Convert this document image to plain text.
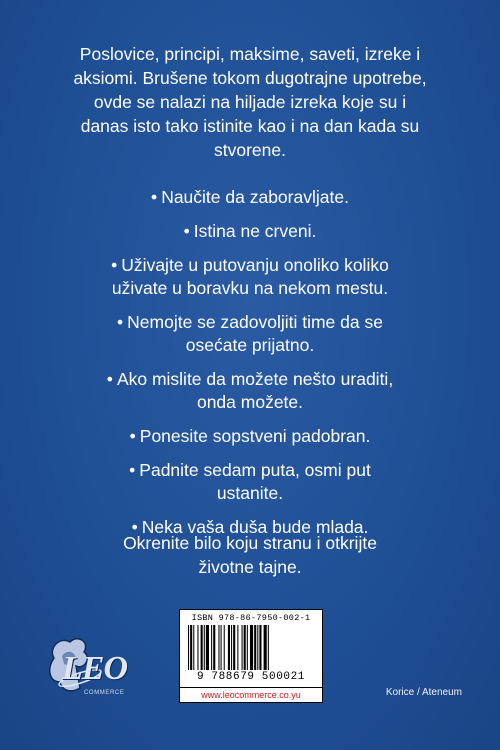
Poslovice, principi, maksime, saveti, izreke i aksiomi. Brušene tokom dugotrajne upotrebe, ovde se nalazi na hiljade izreka koje su i danas isto tako istinite kao i na dan kada su stvorene.

• Naučite da zaboravljate.
• Istina ne crveni.
• Uživajte u putovanju onoliko koliko
uživate u boravku na nekom mestu.
• Nemojte se zadovoljiti time da se
osećate prijatno.
• Ako mislite da možete nešto uraditi,
onda možete.
• Ponesite sopstveni padobran.
• Padnite sedam puta, osmi put
ustanite.
• Neka vaša duša bude mlada.
Okrenite bilo koju stranu i otkrijte
životne tajne.
LEO
COMMERCE
ISBN 978-86-7950-002-1
9 788679 500021
www.leocommerce.co.yu	Korice / Ateneum
